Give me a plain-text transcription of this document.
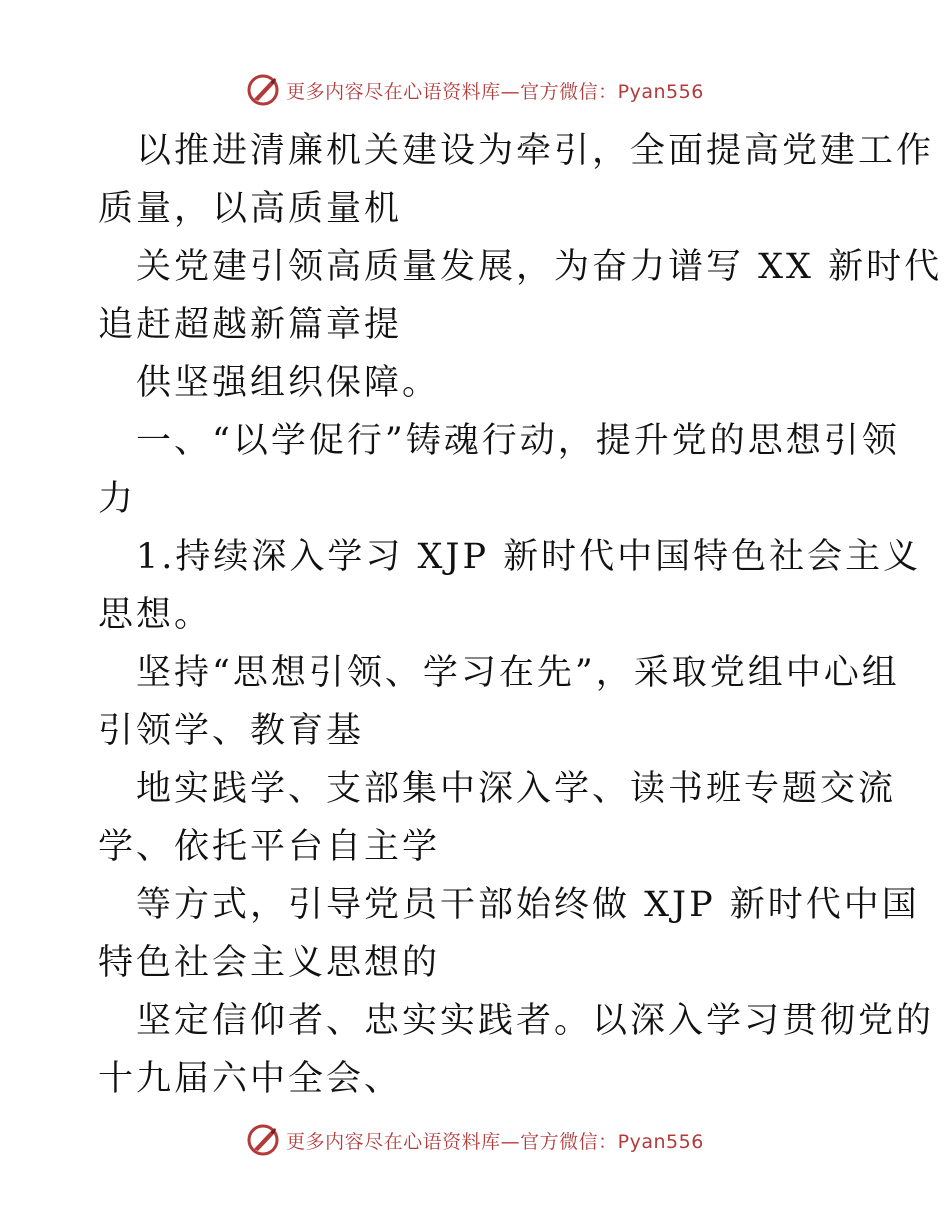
更多内容尽在心语资料库—官方微信：Pyan556
以推进清廉机关建设为牵引，全面提高党建工作
质量，以高质量机
关党建引领高质量发展，为奋力谱写 XX 新时代
追赶超越新篇章提
供坚强组织保障。
一、“以学促行”铸魂行动，提升党的思想引领
力
1.持续深入学习 XJP 新时代中国特色社会主义
思想。
坚持“思想引领、学习在先”，采取党组中心组
引领学、教育基
地实践学、支部集中深入学、读书班专题交流
学、依托平台自主学
等方式，引导党员干部始终做 XJP 新时代中国
特色社会主义思想的
坚定信仰者、忠实实践者。以深入学习贯彻党的
十九届六中全会、
更多内容尽在心语资料库—官方微信：Pyan556
